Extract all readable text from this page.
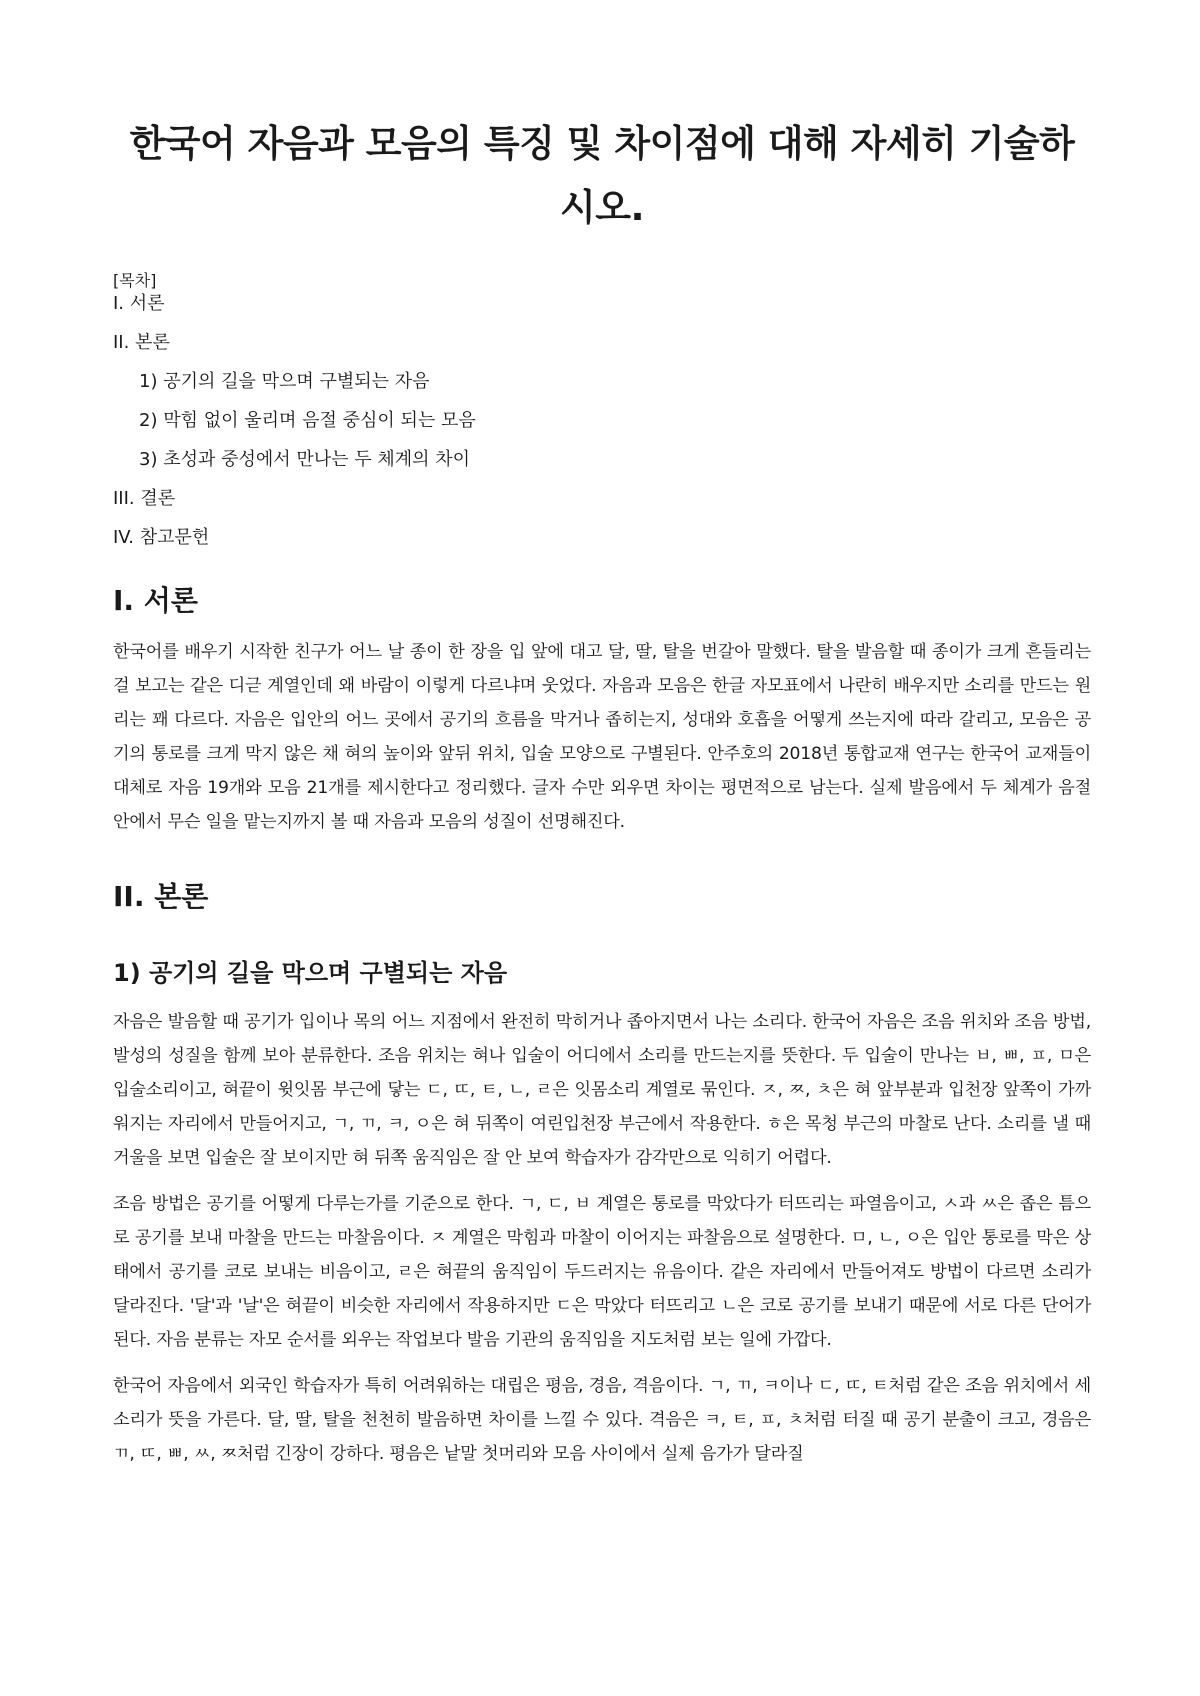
한국어 자음과 모음의 특징 및 차이점에 대해 자세히 기술하시오.
[목차]
I. 서론
II. 본론
1) 공기의 길을 막으며 구별되는 자음
2) 막힘 없이 울리며 음절 중심이 되는 모음
3) 초성과 중성에서 만나는 두 체계의 차이
III. 결론
IV. 참고문헌
I. 서론

한국어를 배우기 시작한 친구가 어느 날 종이 한 장을 입 앞에 대고 달, 딸, 탈을 번갈아 말했다. 탈을 발음할 때 종이가 크게 흔들리는 걸 보고는 같은 디귿 계열인데 왜 바람이 이렇게 다르냐며 웃었다. 자음과 모음은 한글 자모표에서 나란히 배우지만 소리를 만드는 원리는 꽤 다르다. 자음은 입안의 어느 곳에서 공기의 흐름을 막거나 좁히는지, 성대와 호흡을 어떻게 쓰는지에 따라 갈리고, 모음은 공기의 통로를 크게 막지 않은 채 혀의 높이와 앞뒤 위치, 입술 모양으로 구별된다. 안주호의 2018년 통합교재 연구는 한국어 교재들이 대체로 자음 19개와 모음 21개를 제시한다고 정리했다. 글자 수만 외우면 차이는 평면적으로 남는다. 실제 발음에서 두 체계가 음절 안에서 무슨 일을 맡는지까지 볼 때 자음과 모음의 성질이 선명해진다.

II. 본론
1) 공기의 길을 막으며 구별되는 자음

자음은 발음할 때 공기가 입이나 목의 어느 지점에서 완전히 막히거나 좁아지면서 나는 소리다. 한국어 자음은 조음 위치와 조음 방법, 발성의 성질을 함께 보아 분류한다. 조음 위치는 혀나 입술이 어디에서 소리를 만드는지를 뜻한다. 두 입술이 만나는 ㅂ, ㅃ, ㅍ, ㅁ은 입술소리이고, 혀끝이 윗잇몸 부근에 닿는 ㄷ, ㄸ, ㅌ, ㄴ, ㄹ은 잇몸소리 계열로 묶인다. ㅈ, ㅉ, ㅊ은 혀 앞부분과 입천장 앞쪽이 가까워지는 자리에서 만들어지고, ㄱ, ㄲ, ㅋ, ㅇ은 혀 뒤쪽이 여린입천장 부근에서 작용한다. ㅎ은 목청 부근의 마찰로 난다. 소리를 낼 때 거울을 보면 입술은 잘 보이지만 혀 뒤쪽 움직임은 잘 안 보여 학습자가 감각만으로 익히기 어렵다.

조음 방법은 공기를 어떻게 다루는가를 기준으로 한다. ㄱ, ㄷ, ㅂ 계열은 통로를 막았다가 터뜨리는 파열음이고, ㅅ과 ㅆ은 좁은 틈으로 공기를 보내 마찰을 만드는 마찰음이다. ㅈ 계열은 막힘과 마찰이 이어지는 파찰음으로 설명한다. ㅁ, ㄴ, ㅇ은 입안 통로를 막은 상태에서 공기를 코로 보내는 비음이고, ㄹ은 혀끝의 움직임이 두드러지는 유음이다. 같은 자리에서 만들어져도 방법이 다르면 소리가 달라진다. '달'과 '날'은 혀끝이 비슷한 자리에서 작용하지만 ㄷ은 막았다 터뜨리고 ㄴ은 코로 공기를 보내기 때문에 서로 다른 단어가 된다. 자음 분류는 자모 순서를 외우는 작업보다 발음 기관의 움직임을 지도처럼 보는 일에 가깝다.

한국어 자음에서 외국인 학습자가 특히 어려워하는 대립은 평음, 경음, 격음이다. ㄱ, ㄲ, ㅋ이나 ㄷ, ㄸ, ㅌ처럼 같은 조음 위치에서 세 소리가 뜻을 가른다. 달, 딸, 탈을 천천히 발음하면 차이를 느낄 수 있다. 격음은 ㅋ, ㅌ, ㅍ, ㅊ처럼 터질 때 공기 분출이 크고, 경음은 ㄲ, ㄸ, ㅃ, ㅆ, ㅉ처럼 긴장이 강하다. 평음은 낱말 첫머리와 모음 사이에서 실제 음가가 달라질
